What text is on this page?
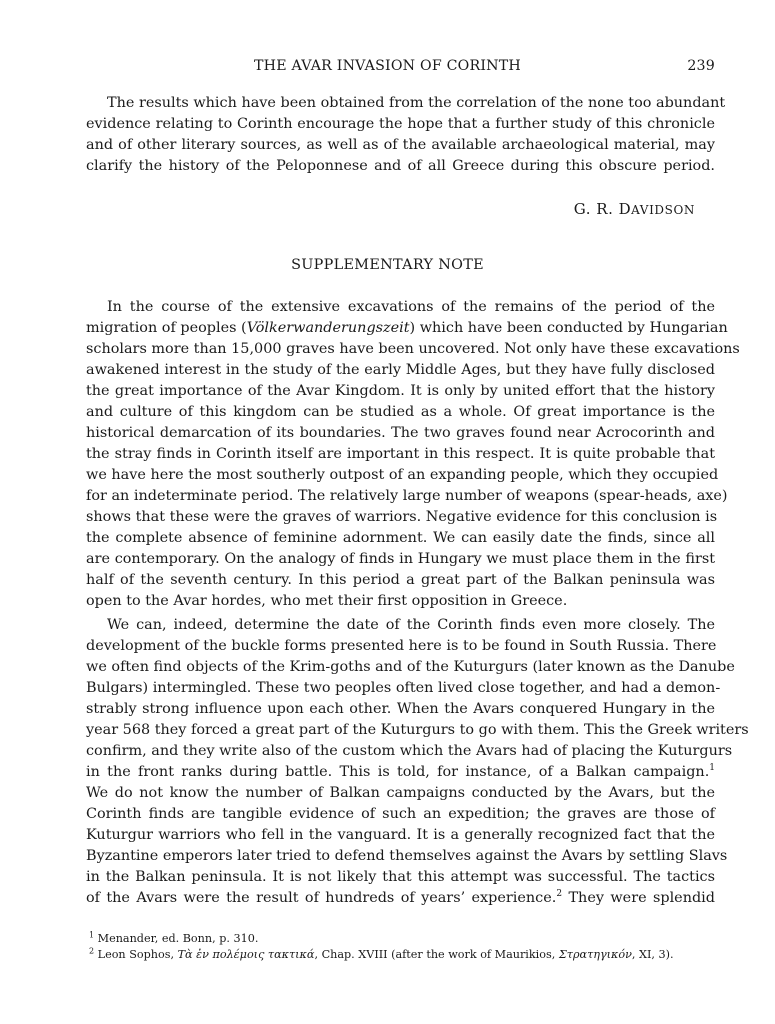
THE AVAR INVASION OF CORINTH	239
The results which have been obtained from the correlation of the none too abundant
evidence relating to Corinth encourage the hope that a further study of this chronicle
and of other literary sources, as well as of the available archaeological material, may
clarify the history of the Peloponnese and of all Greece during this obscure period.
G. R. DAVIDSON
SUPPLEMENTARY NOTE
In the course of the extensive excavations of the remains of the period of the
migration of peoples (Völkerwanderungszeit) which have been conducted by Hungarian
scholars more than 15,000 graves have been uncovered. Not only have these excavations
awakened interest in the study of the early Middle Ages, but they have fully disclosed
the great importance of the Avar Kingdom. It is only by united effort that the history
and culture of this kingdom can be studied as a whole. Of great importance is the
historical demarcation of its boundaries. The two graves found near Acrocorinth and
the stray finds in Corinth itself are important in this respect. It is quite probable that
we have here the most southerly outpost of an expanding people, which they occupied
for an indeterminate period. The relatively large number of weapons (spear-heads, axe)
shows that these were the graves of warriors. Negative evidence for this conclusion is
the complete absence of feminine adornment. We can easily date the finds, since all
are contemporary. On the analogy of finds in Hungary we must place them in the first
half of the seventh century. In this period a great part of the Balkan peninsula was
open to the Avar hordes, who met their first opposition in Greece.
We can, indeed, determine the date of the Corinth finds even more closely. The
development of the buckle forms presented here is to be found in South Russia. There
we often find objects of the Krim-goths and of the Kuturgurs (later known as the Danube
Bulgars) intermingled. These two peoples often lived close together, and had a demon-
strably strong influence upon each other. When the Avars conquered Hungary in the
year 568 they forced a great part of the Kuturgurs to go with them. This the Greek writers
confirm, and they write also of the custom which the Avars had of placing the Kuturgurs
in the front ranks during battle. This is told, for instance, of a Balkan campaign.$^1$
We do not know the number of Balkan campaigns conducted by the Avars, but the
Corinth finds are tangible evidence of such an expedition; the graves are those of
Kuturgur warriors who fell in the vanguard. It is a generally recognized fact that the
Byzantine emperors later tried to defend themselves against the Avars by settling Slavs
in the Balkan peninsula. It is not likely that this attempt was successful. The tactics
of the Avars were the result of hundreds of years’ experience.$^2$ They were splendid
$^1$ Menander, ed. Bonn, p. 310.
$^2$ Leon Sophos, Τὰ ἐν πολέμοις τακτικά, Chap. XVIII (after the work of Maurikios, Στρατηγικόν, XI, 3).
